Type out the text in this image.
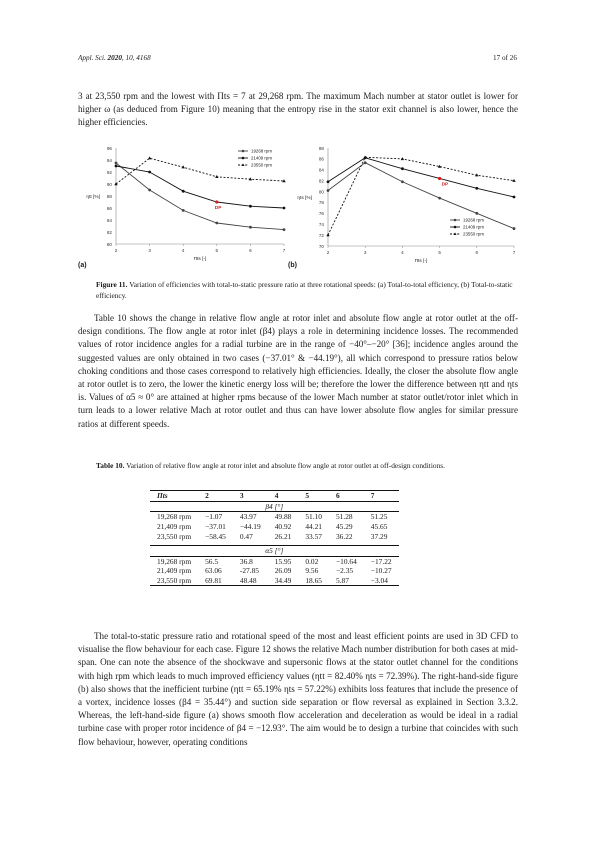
Appl. Sci. 2020, 10, 4168	17 of 26

3 at 23,550 rpm and the lowest with Πts = 7 at 29,268 rpm. The maximum Mach number at stator outlet is lower for higher ω (as deduced from Figure 10) meaning that the entropy rise in the stator exit channel is also lower, hence the higher efficiencies.

80
82
84
86
88
90
92
94
96
2	3	4	5	6	7
ηtt [%]
Πts [-]
DP
19268 rpm
21409 rpm
23550 rpm
70
72
74
76
78
80
82
84
86
88
2	3	4	5	6	7
ηts [%]
Πts [-]
DP
19268 rpm
21409 rpm
23550 rpm
(a)	(b)
Figure 11. Variation of efficiencies with total-to-static pressure ratio at three rotational speeds: (a) Total-to-total efficiency, (b) Total-to-static efficiency.

Table 10 shows the change in relative flow angle at rotor inlet and absolute flow angle at rotor outlet at the off-design conditions. The flow angle at rotor inlet (β4) plays a role in determining incidence losses. The recommended values of rotor incidence angles for a radial turbine are in the range of −40°–−20° [36]; incidence angles around the suggested values are only obtained in two cases (−37.01° & −44.19°), all which correspond to pressure ratios below choking conditions and those cases correspond to relatively high efficiencies. Ideally, the closer the absolute flow angle at rotor outlet is to zero, the lower the kinetic energy loss will be; therefore the lower the difference between ηtt and ηts is. Values of α5 ≈ 0° are attained at higher rpms because of the lower Mach number at stator outlet/rotor inlet which in turn leads to a lower relative Mach at rotor outlet and thus can have lower absolute flow angles for similar pressure ratios at different speeds.

Table 10. Variation of relative flow angle at rotor inlet and absolute flow angle at rotor outlet at off-design conditions.
Πts	2	3	4	5	6	7
β4 [°]						
19,268 rpm	−1.07	43.97	49.88	51.10	51.28	51.25
21,409 rpm	−37.01	−44.19	40.92	44.21	45.29	45.65
23,550 rpm	−58.45	0.47	26.21	33.57	36.22	37.29

α5 [°]						
19,268 rpm	56.5	36.8	15.95	0.02	−10.64	−17.22
21,409 rpm	63.06	-27.85	26.09	9.56	−2.35	−10.27
23,550 rpm	69.81	48.48	34.49	18.65	5.87	−3.04

The total-to-static pressure ratio and rotational speed of the most and least efficient points are used in 3D CFD to visualise the flow behaviour for each case. Figure 12 shows the relative Mach number distribution for both cases at mid-span. One can note the absence of the shockwave and supersonic flows at the stator outlet channel for the conditions with high rpm which leads to much improved efficiency values (ηtt = 82.40% ηts = 72.39%). The right-hand-side figure (b) also shows that the inefficient turbine (ηtt = 65.19% ηts = 57.22%) exhibits loss features that include the presence of a vortex, incidence losses (β4 = 35.44°) and suction side separation or flow reversal as explained in Section 3.3.2. Whereas, the left-hand-side figure (a) shows smooth flow acceleration and deceleration as would be ideal in a radial turbine case with proper rotor incidence of β4 = −12.93°. The aim would be to design a turbine that coincides with such flow behaviour, however, operating conditions
